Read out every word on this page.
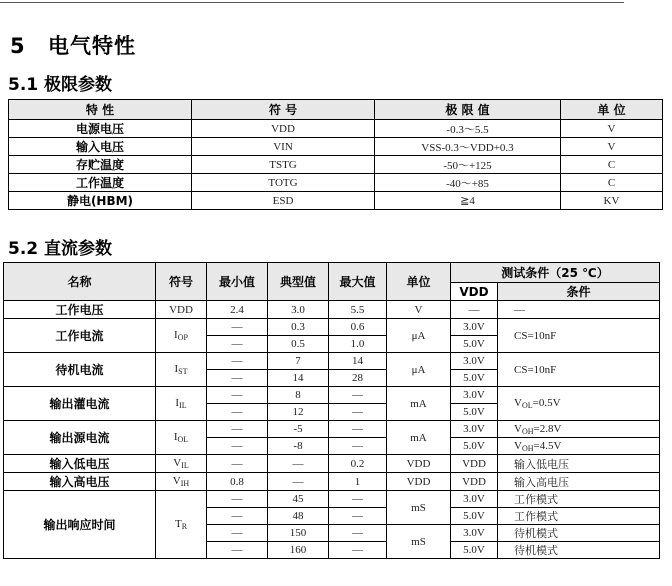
5 电气特性
5.1 极限参数
特 性	符 号	极 限 值	单 位
电源电压	VDD	-0.3～5.5	V
输入电压	VIN	VSS-0.3～VDD+0.3	V
存贮温度	TSTG	-50～+125	C
工作温度	TOTG	-40～+85	C
静电(HBM)	ESD	≧4	KV
5.2 直流参数
名称	符号	最小值	典型值	最大值	单位	测试条件（25 ℃）	
						VDD	条件
工作电压	VDD	2.4	3.0	5.5	V	—	—
工作电流	$I_{OP}$	—	0.3	0.6	μA	3.0V	CS=10nF
		—	0.5	1.0		5.0V	
待机电流	$I_{ST}$	—	7	14	μA	3.0V	CS=10nF
		—	14	28		5.0V	
输出灌电流	$I_{IL}$	—	8	—	mA	3.0V	$V_{OL}=0.5V$
		—	12	—		5.0V	
输出源电流	$I_{OL}$	—	-5	—	mA	3.0V	$V_{OH}=2.8V$
		—	-8	—		5.0V	$V_{OH}=4.5V$
输入低电压	$V_{IL}$	—	—	0.2	VDD	VDD	输入低电压
输入高电压	$V_{IH}$	0.8	—	1	VDD	VDD	输入高电压
输出响应时间	$T_R$	—	45	—	mS	3.0V	工作模式
		—	48	—		5.0V	工作模式
		—	150	—	mS	3.0V	待机模式
		—	160	—		5.0V	待机模式
